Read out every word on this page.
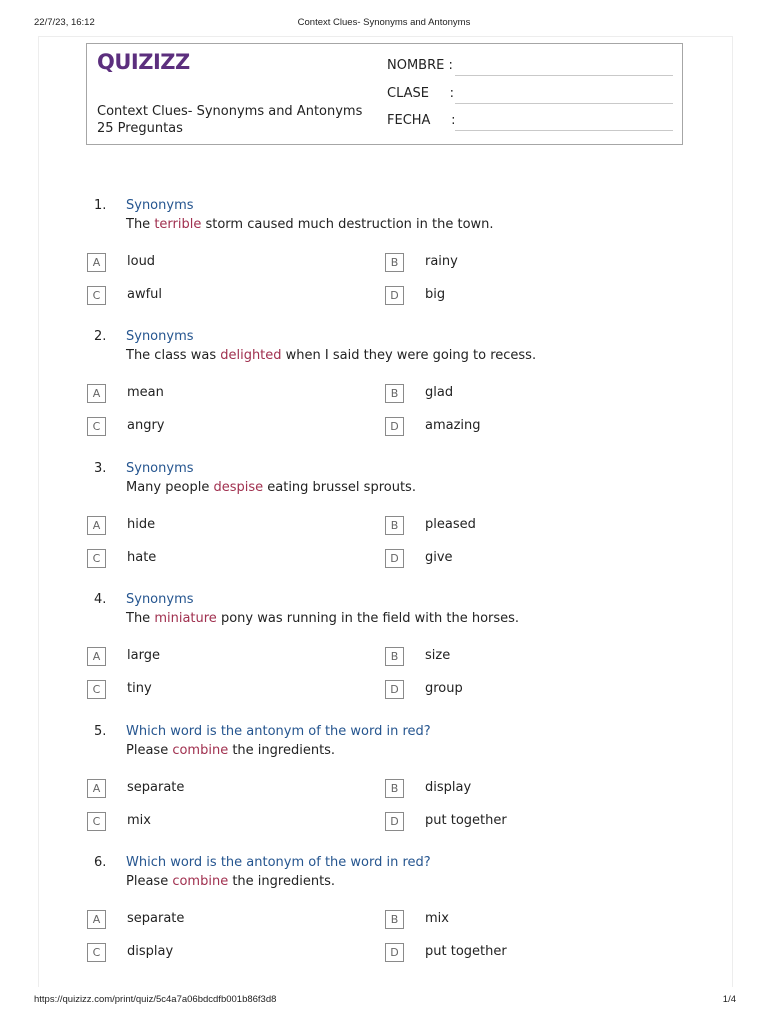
22/7/23, 16:12	Context Clues- Synonyms and Antonyms
QUIZIZZ
Context Clues- Synonyms and Antonyms
25 Preguntas
NOMBRE :
CLASE     :
FECHA     :
1. Synonyms
The terrible storm caused much destruction in the town.
A	loud	B	rainy
C	awful	D	big
2. Synonyms
The class was delighted when I said they were going to recess.
A	mean	B	glad
C	angry	D	amazing
3. Synonyms
Many people despise eating brussel sprouts.
A	hide	B	pleased
C	hate	D	give
4. Synonyms
The miniature pony was running in the field with the horses.
A	large	B	size
C	tiny	D	group
5. Which word is the antonym of the word in red?
Please combine the ingredients.
A	separate	B	display
C	mix	D	put together
6. Which word is the antonym of the word in red?
Please combine the ingredients.
A	separate	B	mix
C	display	D	put together
https://quizizz.com/print/quiz/5c4a7a06bdcdfb001b86f3d8	1/4
